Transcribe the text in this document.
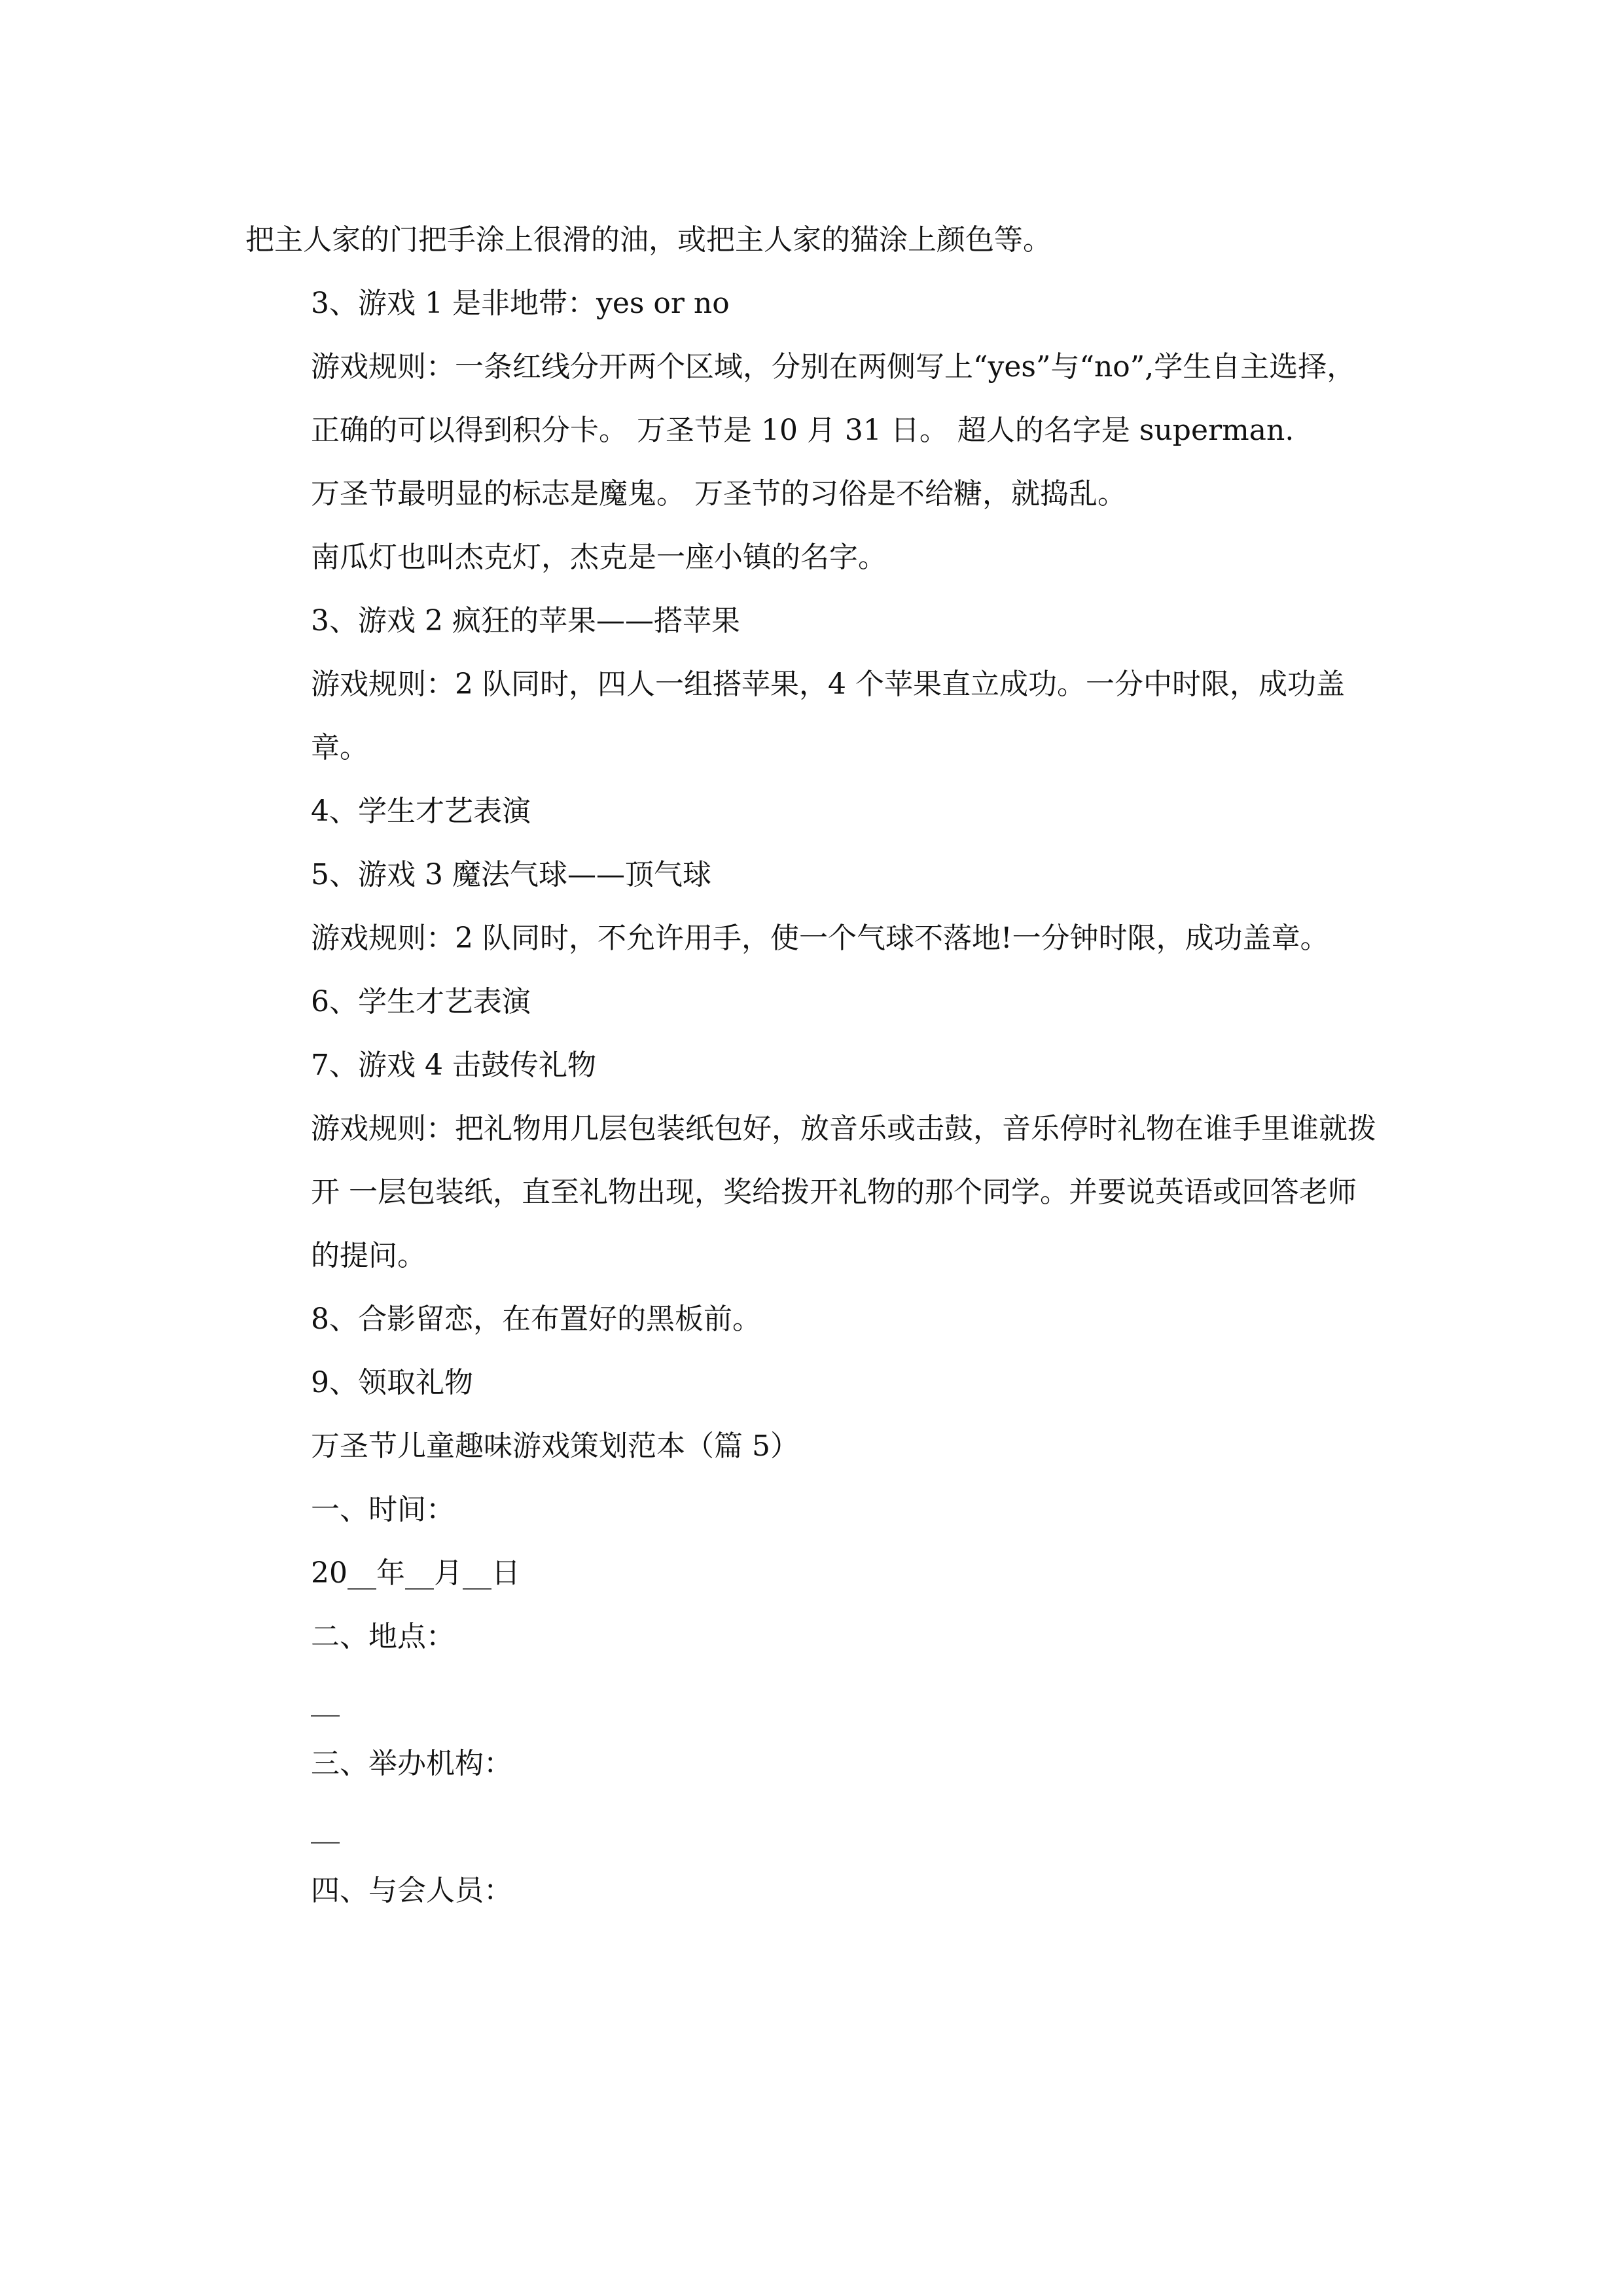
把主人家的门把手涂上很滑的油，或把主人家的猫涂上颜色等。

3、游戏 1 是非地带：yes or no

游戏规则：一条红线分开两个区域，分别在两侧写上“yes”与“no”,学生自主选择，正确的可以得到积分卡。 万圣节是 10 月 31 日。 超人的名字是 superman.

万圣节最明显的标志是魔鬼。 万圣节的习俗是不给糖，就捣乱。

南瓜灯也叫杰克灯，杰克是一座小镇的名字。

3、游戏 2 疯狂的苹果——搭苹果

游戏规则：2 队同时，四人一组搭苹果，4 个苹果直立成功。一分中时限，成功盖章。

4、学生才艺表演

5、游戏 3 魔法气球——顶气球

游戏规则：2 队同时，不允许用手，使一个气球不落地!一分钟时限，成功盖章。

6、学生才艺表演

7、游戏 4 击鼓传礼物

游戏规则：把礼物用几层包装纸包好，放音乐或击鼓，音乐停时礼物在谁手里谁就拨开 一层包装纸，直至礼物出现，奖给拨开礼物的那个同学。并要说英语或回答老师的提问。

8、合影留恋，在布置好的黑板前。

9、领取礼物

万圣节儿童趣味游戏策划范本（篇 5）

一、时间：

20__年__月__日

二、地点：

__

三、举办机构：

__

四、与会人员：
